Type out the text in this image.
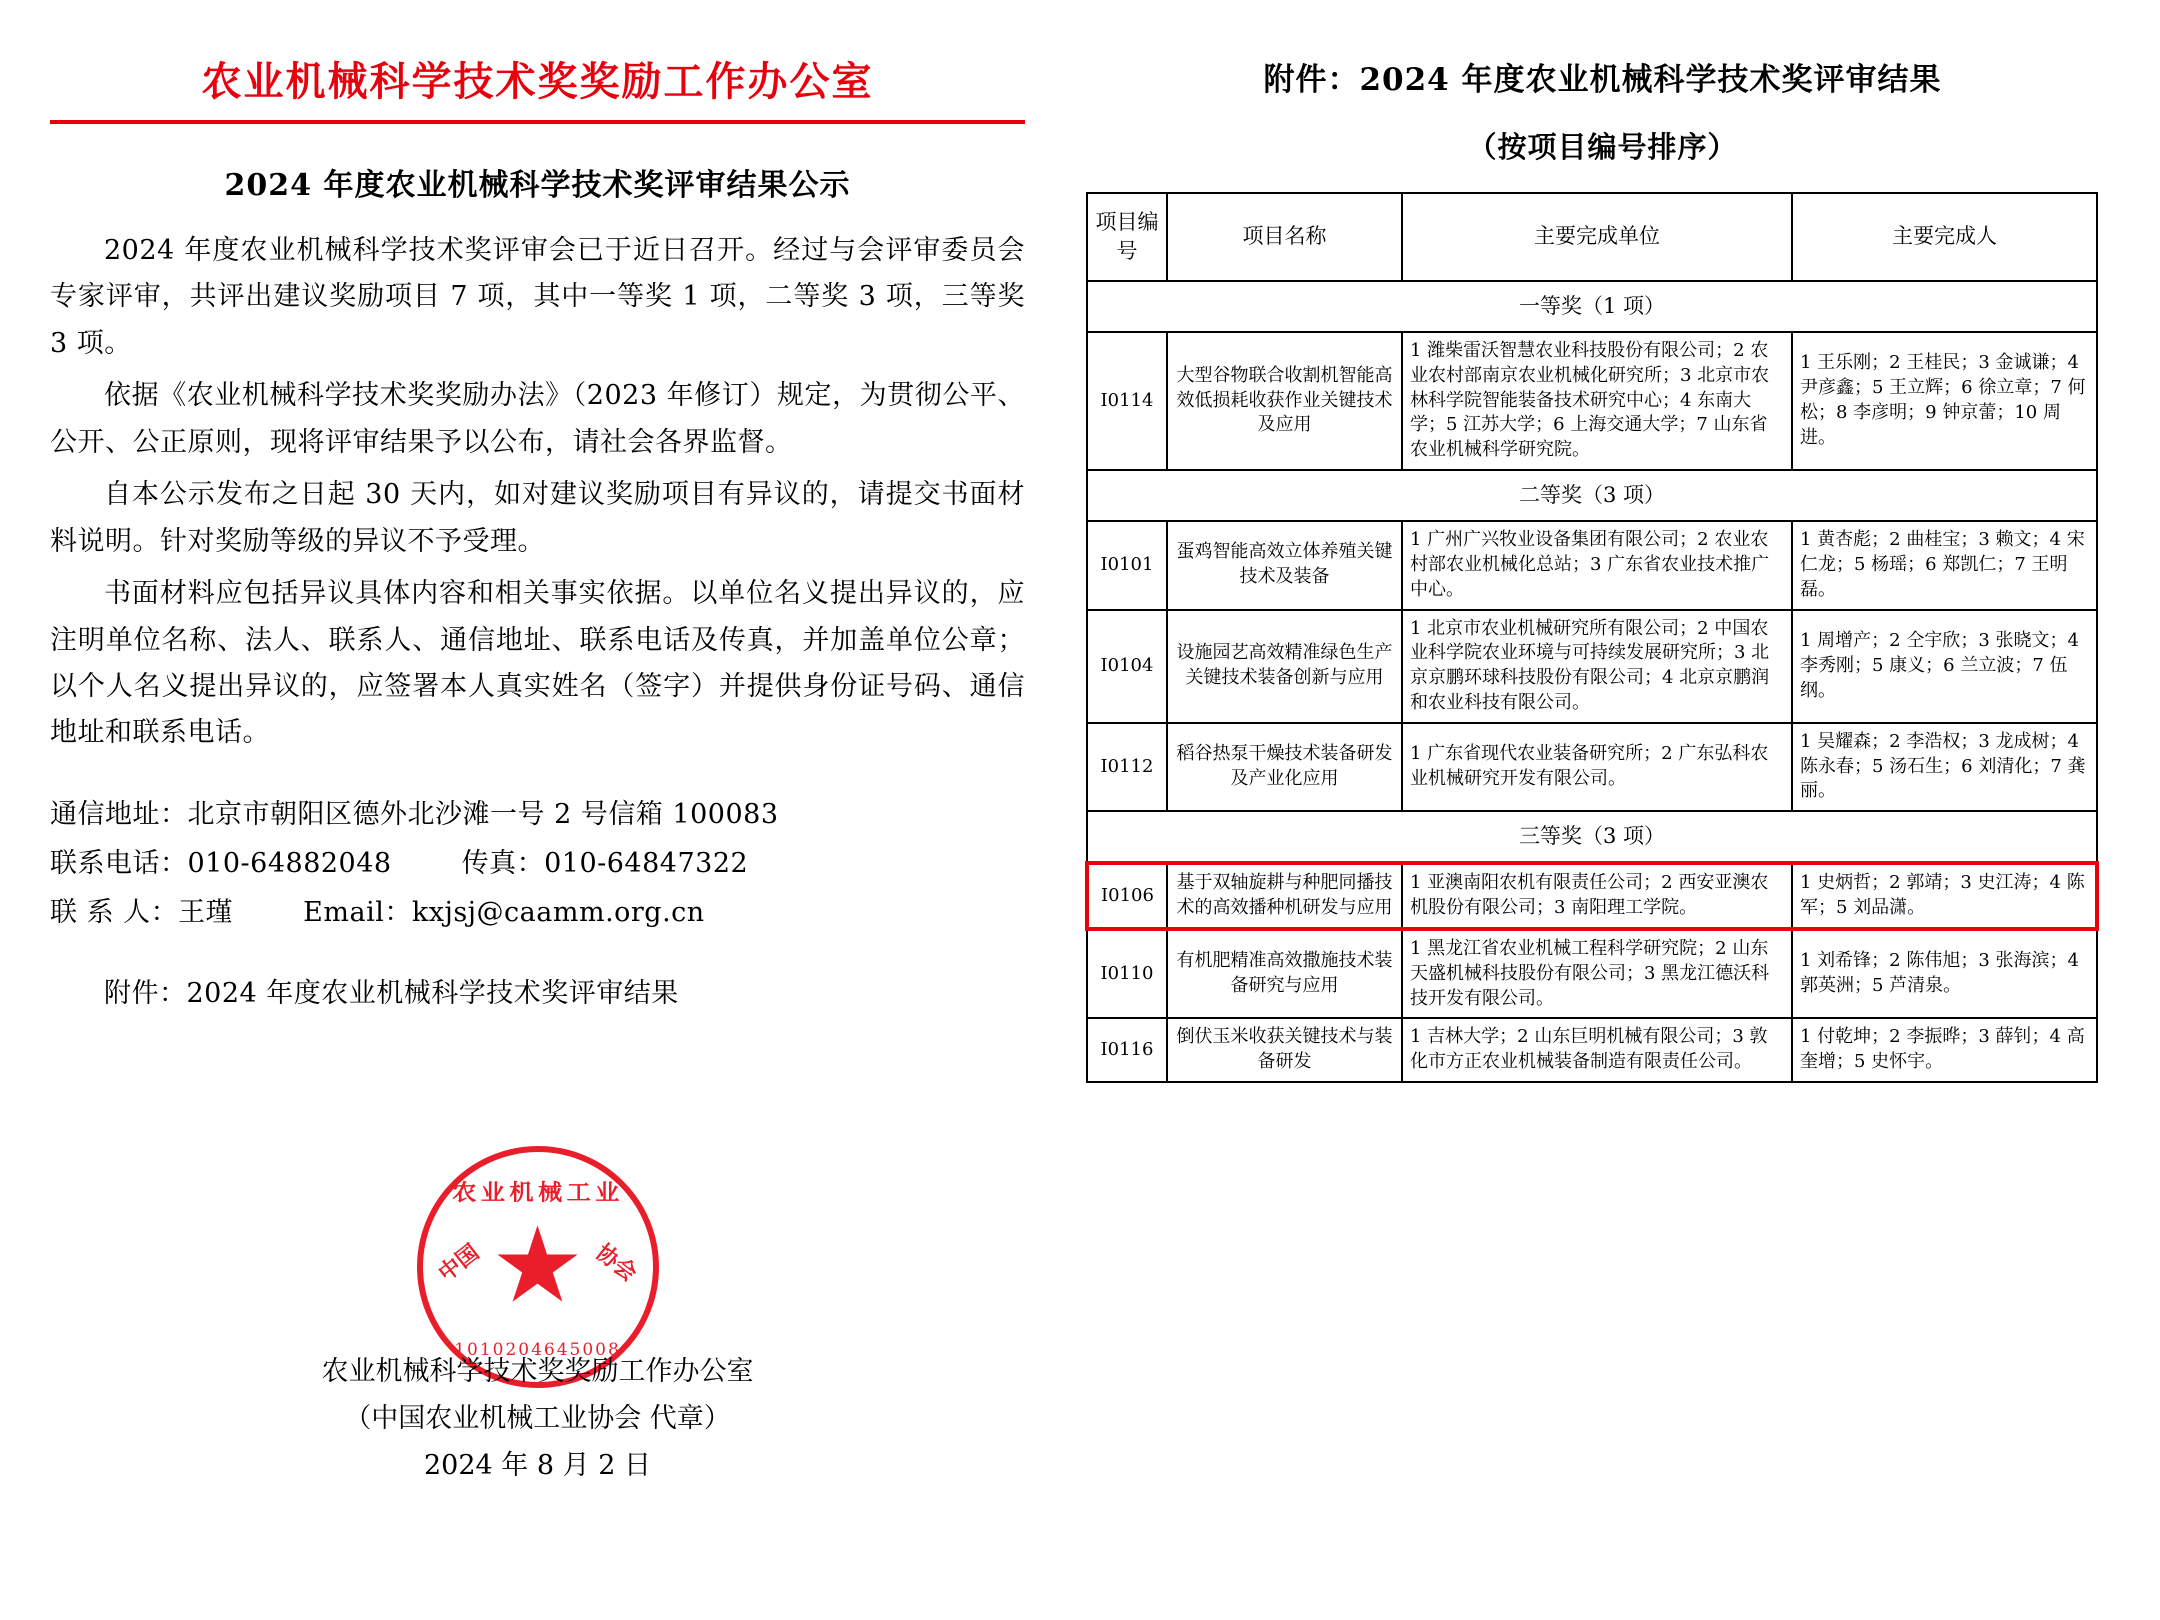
农业机械科学技术奖奖励工作办公室
2024 年度农业机械科学技术奖评审结果公示

2024 年度农业机械科学技术奖评审会已于近日召开。经过与会评审委员会专家评审，共评出建议奖励项目 7 项，其中一等奖 1 项，二等奖 3 项，三等奖 3 项。

依据《农业机械科学技术奖奖励办法》（2023 年修订）规定，为贯彻公平、公开、公正原则，现将评审结果予以公布，请社会各界监督。

自本公示发布之日起 30 天内，如对建议奖励项目有异议的，请提交书面材料说明。针对奖励等级的异议不予受理。

书面材料应包括异议具体内容和相关事实依据。以单位名义提出异议的，应注明单位名称、法人、联系人、通信地址、联系电话及传真，并加盖单位公章；以个人名义提出异议的，应签署本人真实姓名（签字）并提供身份证号码、通信地址和联系电话。

通信地址： 北京市朝阳区德外北沙滩一号 2 号信箱 100083
联系电话： 010-64882048	传真： 010-64847322
联 系 人： 王瑾	Email： kxjsj@caamm.org.cn
附件：2024 年度农业机械科学技术奖评审结果
农业机械工业
中国	协会
★
1010204645008
农业机械科学技术奖奖励工作办公室
（中国农业机械工业协会 代章）
2024 年 8 月 2 日
附件：2024 年度农业机械科学技术奖评审结果
（按项目编号排序）
项目编号	项目名称	主要完成单位	主要完成人
一等奖（1 项）			
I0114	大型谷物联合收割机智能高效低损耗收获作业关键技术及应用	1 潍柴雷沃智慧农业科技股份有限公司；2 农业农村部南京农业机械化研究所；3 北京市农林科学院智能装备技术研究中心；4 东南大学；5 江苏大学；6 上海交通大学；7 山东省农业机械科学研究院。	1 王乐刚；2 王桂民；3 金诚谦；4 尹彦鑫；5 王立辉；6 徐立章；7 何松；8 李彦明；9 钟京蕾；10 周进。
二等奖（3 项）			
I0101	蛋鸡智能高效立体养殖关键技术及装备	1 广州广兴牧业设备集团有限公司；2 农业农村部农业机械化总站；3 广东省农业技术推广中心。	1 黄杏彪；2 曲桂宝；3 赖文；4 宋仁龙；5 杨瑶；6 郑凯仁；7 王明磊。
I0104	设施园艺高效精准绿色生产关键技术装备创新与应用	1 北京市农业机械研究所有限公司；2 中国农业科学院农业环境与可持续发展研究所；3 北京京鹏环球科技股份有限公司；4 北京京鹏润和农业科技有限公司。	1 周增产；2 仝宇欣；3 张晓文；4 李秀刚；5 康义；6 兰立波；7 伍纲。
I0112	稻谷热泵干燥技术装备研发及产业化应用	1 广东省现代农业装备研究所；2 广东弘科农业机械研究开发有限公司。	1 吴耀森；2 李浩权；3 龙成树；4 陈永春；5 汤石生；6 刘清化；7 龚丽。
三等奖（3 项）			
I0106	基于双轴旋耕与种肥同播技术的高效播种机研发与应用	1 亚澳南阳农机有限责任公司；2 西安亚澳农机股份有限公司；3 南阳理工学院。	1 史炳哲；2 郭靖；3 史江涛；4 陈军；5 刘品潇。
I0110	有机肥精准高效撒施技术装备研究与应用	1 黑龙江省农业机械工程科学研究院；2 山东天盛机械科技股份有限公司；3 黑龙江德沃科技开发有限公司。	1 刘希锋；2 陈伟旭；3 张海滨；4 郭英洲；5 芦清泉。
I0116	倒伏玉米收获关键技术与装备研发	1 吉林大学；2 山东巨明机械有限公司；3 敦化市方正农业机械装备制造有限责任公司。	1 付乾坤；2 李振晔；3 薛钊；4 高奎增；5 史怀宇。
